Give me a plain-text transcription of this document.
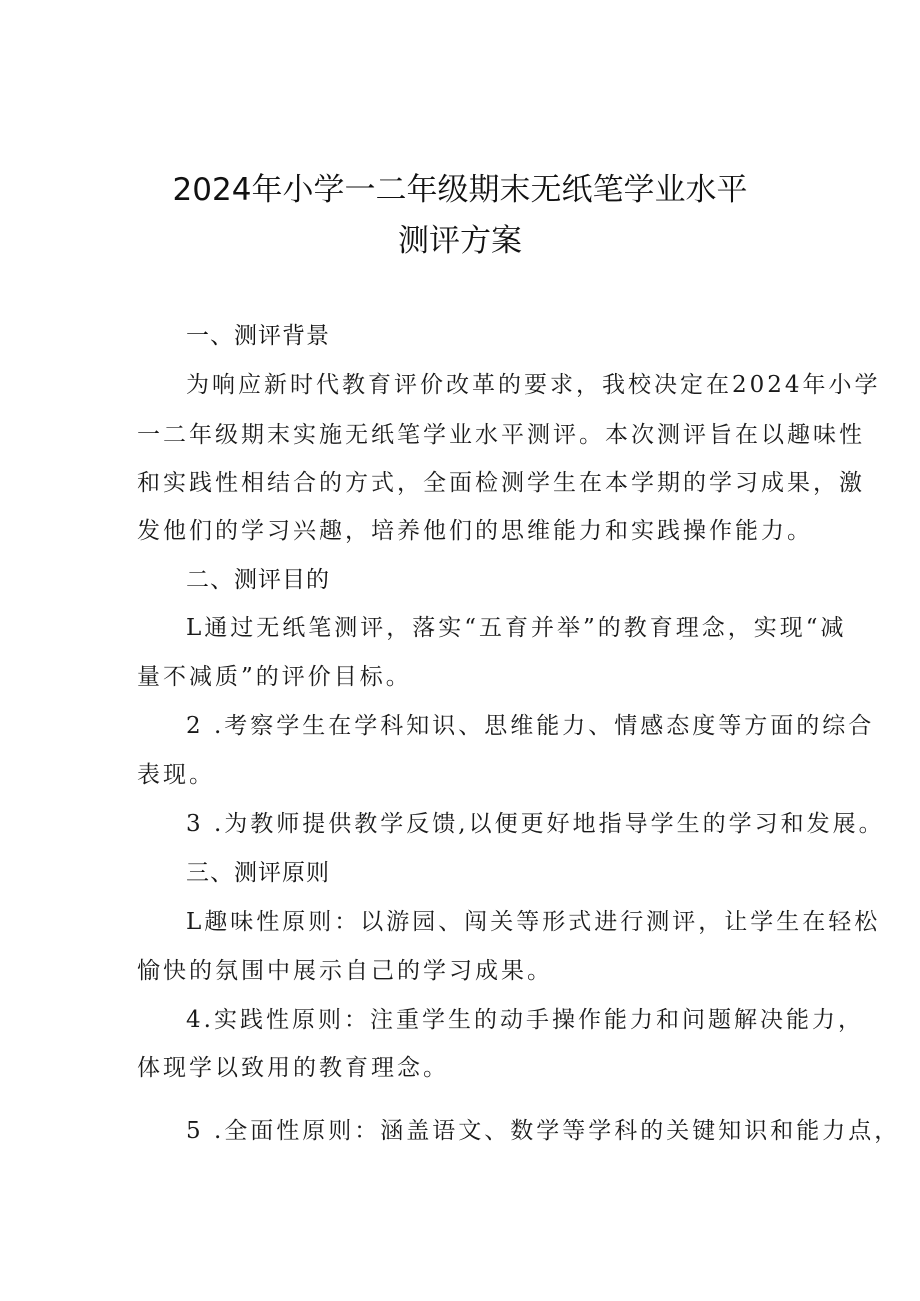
2024年小学一二年级期末无纸笔学业水平
测评方案
一、测评背景
为响应新时代教育评价改革的要求，我校决定在2024年小学
一二年级期末实施无纸笔学业水平测评。本次测评旨在以趣味性
和实践性相结合的方式，全面检测学生在本学期的学习成果，激
发他们的学习兴趣，培养他们的思维能力和实践操作能力。
二、测评目的
L通过无纸笔测评，落实“五育并举”的教育理念，实现“减
量不减质”的评价目标。
2 .考察学生在学科知识、思维能力、情感态度等方面的综合
表现。
3 .为教师提供教学反馈,以便更好地指导学生的学习和发展。
三、测评原则
L趣味性原则：以游园、闯关等形式进行测评，让学生在轻松
愉快的氛围中展示自己的学习成果。
4.实践性原则：注重学生的动手操作能力和问题解决能力，
体现学以致用的教育理念。
5 .全面性原则：涵盖语文、数学等学科的关键知识和能力点，
